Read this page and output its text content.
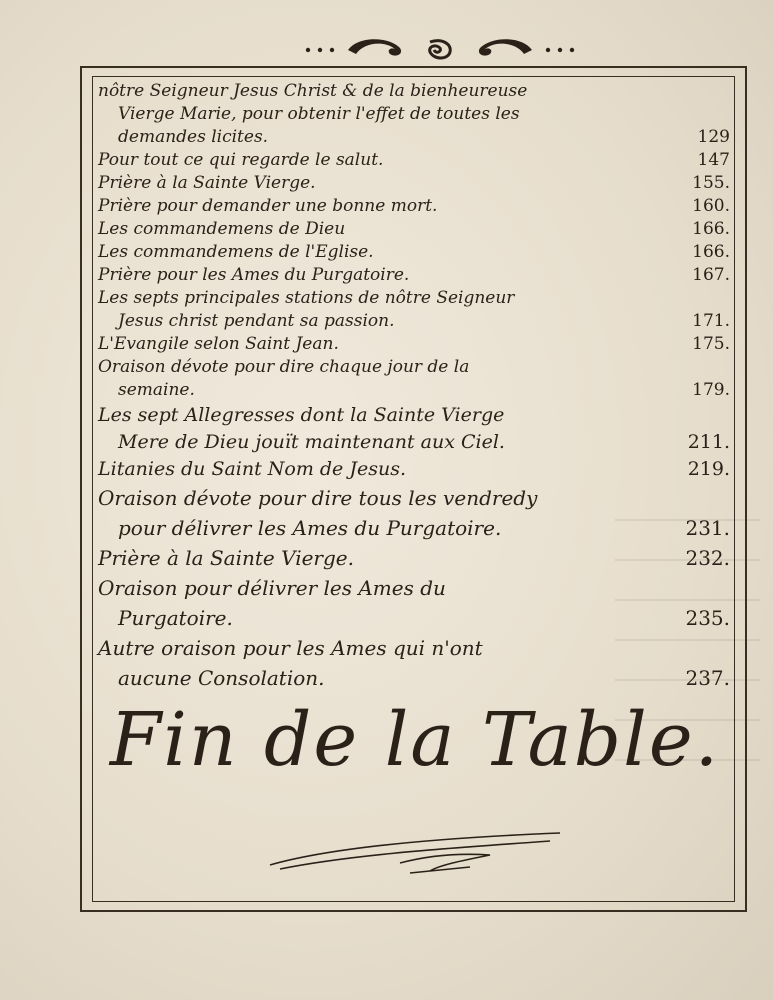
nôtre Seigneur Jesus Christ & de la bienheureuse
Vierge Marie, pour obtenir l'effet de toutes les
demandes licites.	129
Pour tout ce qui regarde le salut.	147
Prière à la Sainte Vierge.	155.
Prière pour demander une bonne mort.	160.
Les commandemens de Dieu	166.
Les commandemens de l'Eglise.	166.
Prière pour les Ames du Purgatoire.	167.
Les septs principales stations de nôtre Seigneur
Jesus christ pendant sa passion.	171.
L'Evangile selon Saint Jean.	175.
Oraison dévote pour dire chaque jour de la
semaine.	179.
Les sept Allegresses dont la Sainte Vierge
Mere de Dieu jouït maintenant aux Ciel.	211.
Litanies du Saint Nom de Jesus.	219.
Oraison dévote pour dire tous les vendredy
pour délivrer les Ames du Purgatoire.	231.
Prière à la Sainte Vierge.	232.
Oraison pour délivrer les Ames du
Purgatoire.	235.
Autre oraison pour les Ames qui n'ont
aucune Consolation.	237.
Fin de la Table.
